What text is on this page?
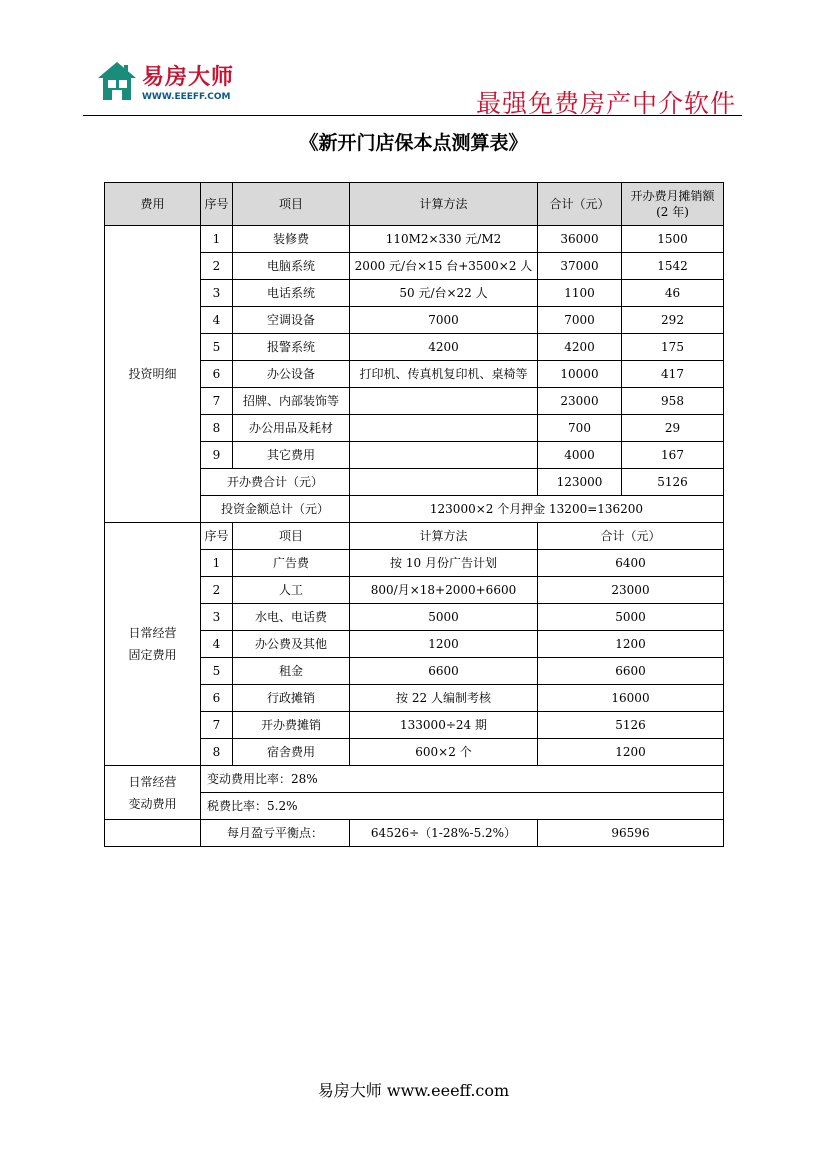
易房大师
WWW.EEEFF.COM	最强免费房产中介软件
《新开门店保本点测算表》
费用	序号	项目	计算方法	合计（元）	开办费月摊销额
(2 年)

投资明细	1	装修费	110M2×330 元/M2	36000	1500
	2	电脑系统	2000 元/台×15 台+3500×2 人	37000	1542
	3	电话系统	50 元/台×22 人	1100	46
	4	空调设备	7000	7000	292
	5	报警系统	4200	4200	175
	6	办公设备	打印机、传真机复印机、桌椅等	10000	417
	7	招牌、内部装饰等		23000	958
	8	办公用品及耗材		700	29
	9	其它费用		4000	167
	开办费合计（元）			123000	5126
	投资金额总计（元）		123000×2 个月押金 13200=136200		

日常经营
固定费用	序号	项目	计算方法	合计（元）	
	1	广告费	按 10 月份广告计划	6400	
	2	人工	800/月×18+2000+6600	23000	
	3	水电、电话费	5000	5000	
	4	办公费及其他	1200	1200	
	5	租金	6600	6600	
	6	行政摊销	按 22 人编制考核	16000	
	7	开办费摊销	133000÷24 期	5126	
	8	宿舍费用	600×2 个	1200	

日常经营
变动费用	变动费用比率：28%				
	税费比率：5.2%				
	每月盈亏平衡点：		64526÷（1-28%-5.2%）	96596	
易房大师 www.eeeff.com
